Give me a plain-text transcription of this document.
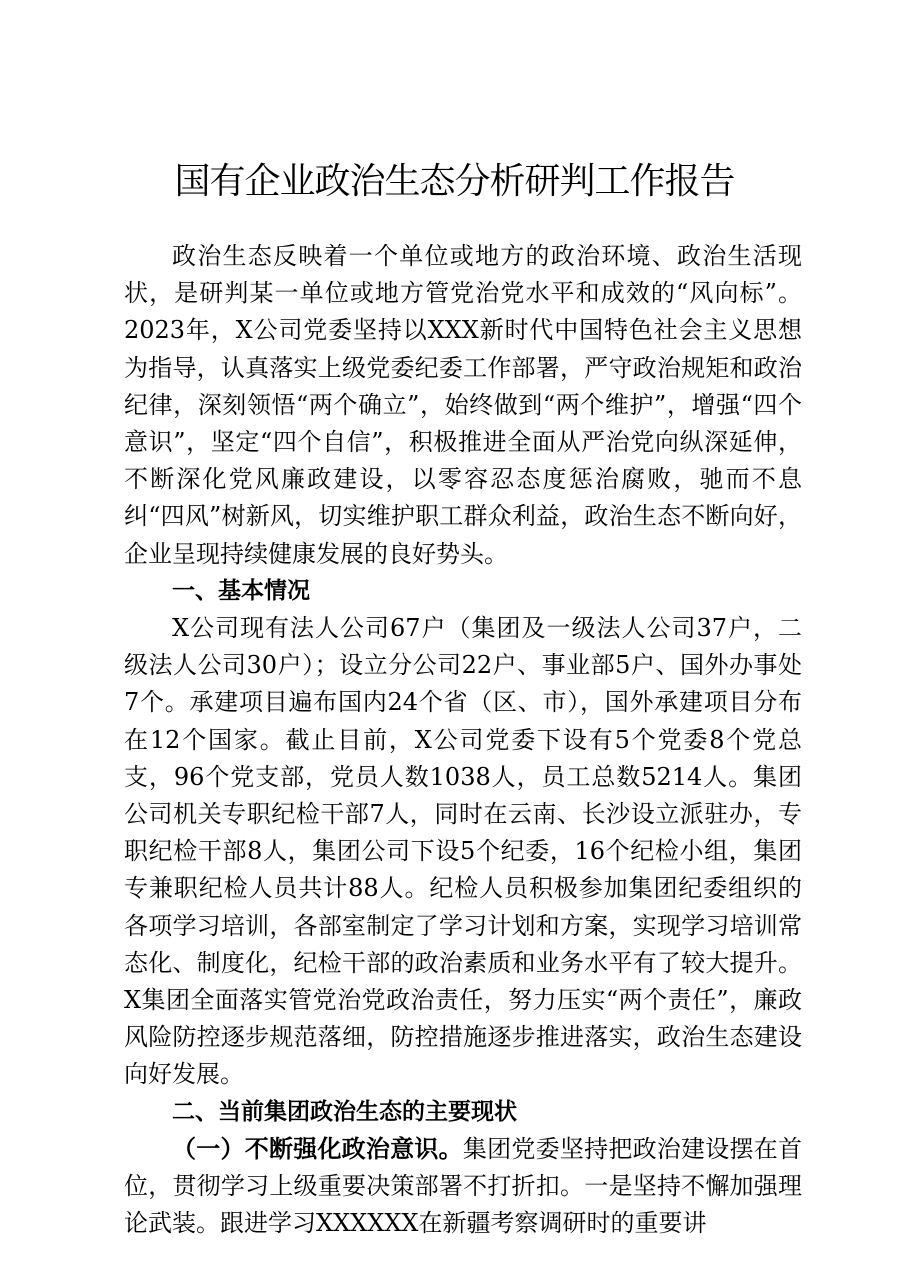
国有企业政治生态分析研判工作报告

政治生态反映着一个单位或地方的政治环境、政治生活现状，是研判某一单位或地方管党治党水平和成效的“风向标”。2023年，X公司党委坚持以XXX新时代中国特色社会主义思想为指导，认真落实上级党委纪委工作部署，严守政治规矩和政治纪律，深刻领悟“两个确立”，始终做到“两个维护”，增强“四个意识”，坚定“四个自信”，积极推进全面从严治党向纵深延伸，不断深化党风廉政建设，以零容忍态度惩治腐败，驰而不息纠“四风”树新风，切实维护职工群众利益，政治生态不断向好，企业呈现持续健康发展的良好势头。

一、基本情况

X公司现有法人公司67户（集团及一级法人公司37户，二级法人公司30户）；设立分公司22户、事业部5户、国外办事处7个。承建项目遍布国内24个省（区、市），国外承建项目分布在12个国家。截止目前，X公司党委下设有5个党委8个党总支，96个党支部，党员人数1038人，员工总数5214人。集团公司机关专职纪检干部7人，同时在云南、长沙设立派驻办，专职纪检干部8人，集团公司下设5个纪委，16个纪检小组，集团专兼职纪检人员共计88人。纪检人员积极参加集团纪委组织的各项学习培训，各部室制定了学习计划和方案，实现学习培训常态化、制度化，纪检干部的政治素质和业务水平有了较大提升。X集团全面落实管党治党政治责任，努力压实“两个责任”，廉政风险防控逐步规范落细，防控措施逐步推进落实，政治生态建设向好发展。

二、当前集团政治生态的主要现状

（一）不断强化政治意识。集团党委坚持把政治建设摆在首位，贯彻学习上级重要决策部署不打折扣。一是坚持不懈加强理论武装。跟进学习XXXXXX在新疆考察调研时的重要讲
